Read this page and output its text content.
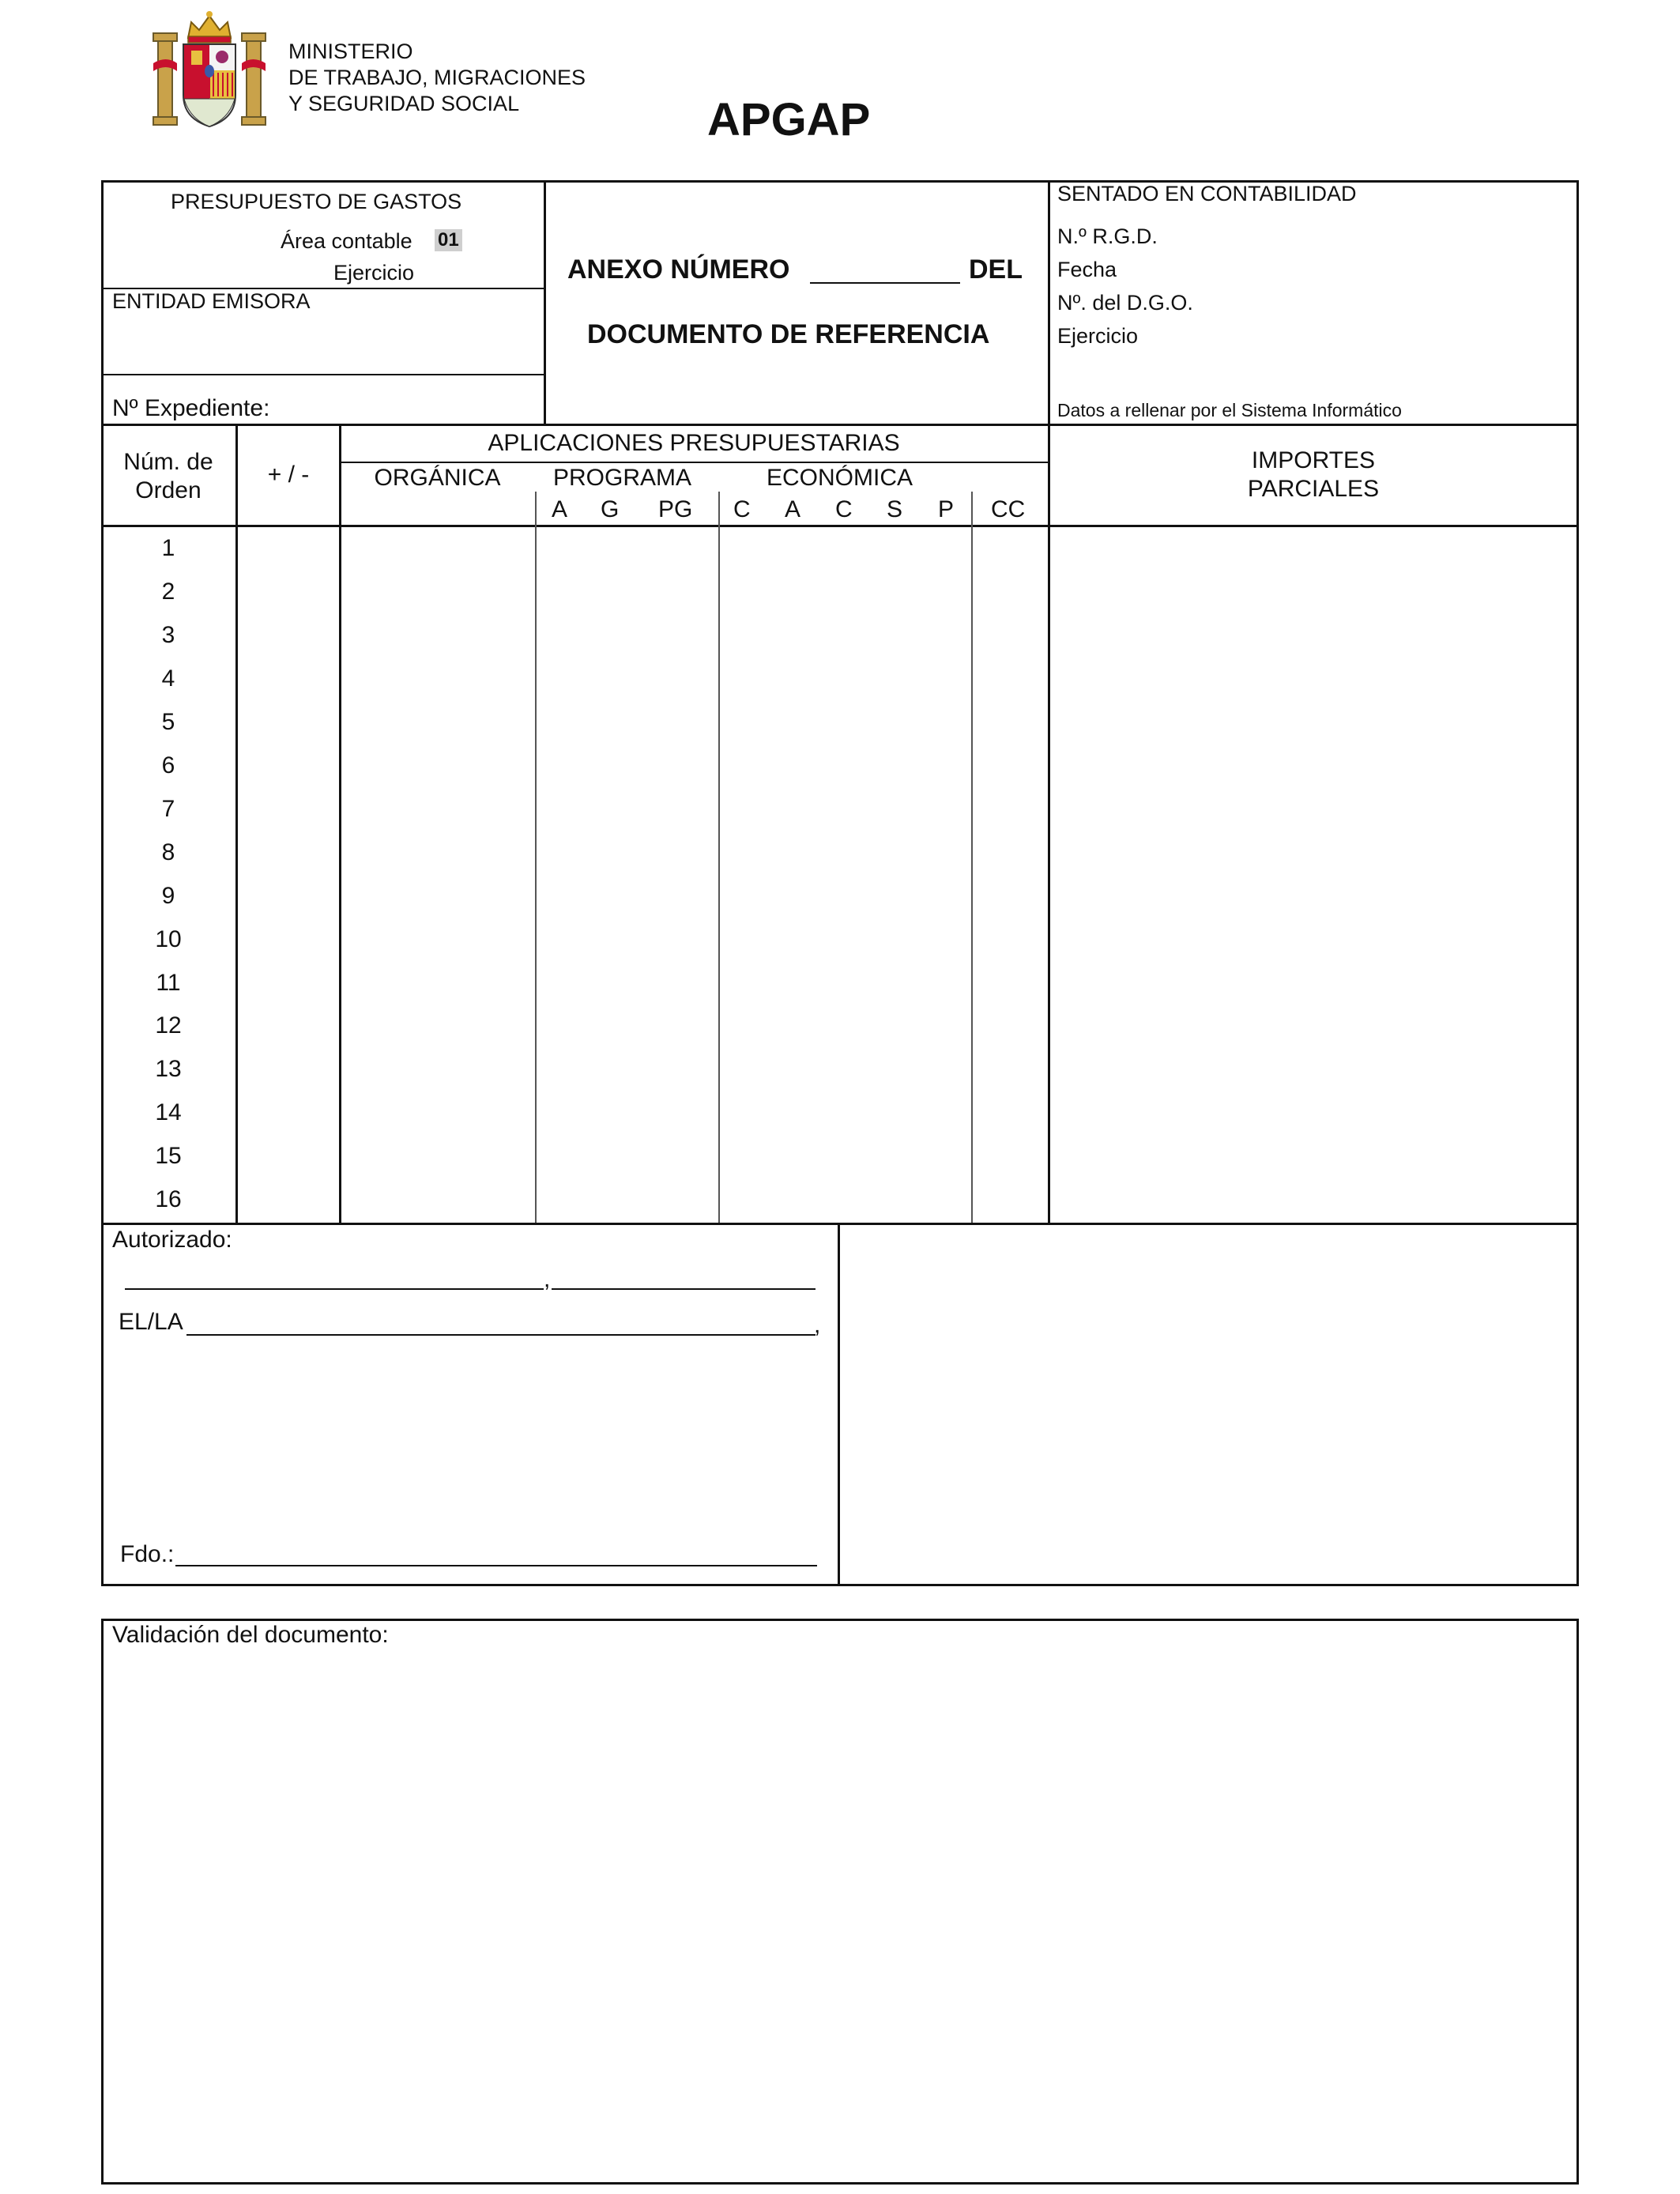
MINISTERIO
DE TRABAJO, MIGRACIONES
Y SEGURIDAD SOCIAL	APGAP
PRESUPUESTO DE GASTOS
Área contable 01
Ejercicio
ENTIDAD EMISORA
Nº Expediente:
ANEXO NÚMERO	DEL
DOCUMENTO DE REFERENCIA
SENTADO EN CONTABILIDAD
N.º R.G.D.
Fecha
Nº. del D.G.O.
Ejercicio
Datos a rellenar por el Sistema Informático
Núm. de
Orden
+ / -
APLICACIONES PRESUPUESTARIAS
ORGÁNICA	PROGRAMA	ECONÓMICA
A G PG C A C S P CC
IMPORTES
PARCIALES
1
2
3
4
5
6
7
8
9
10
11
12
13
14
15
16
Autorizado:
,
EL/LA	,
Fdo.:
Validación del documento:
